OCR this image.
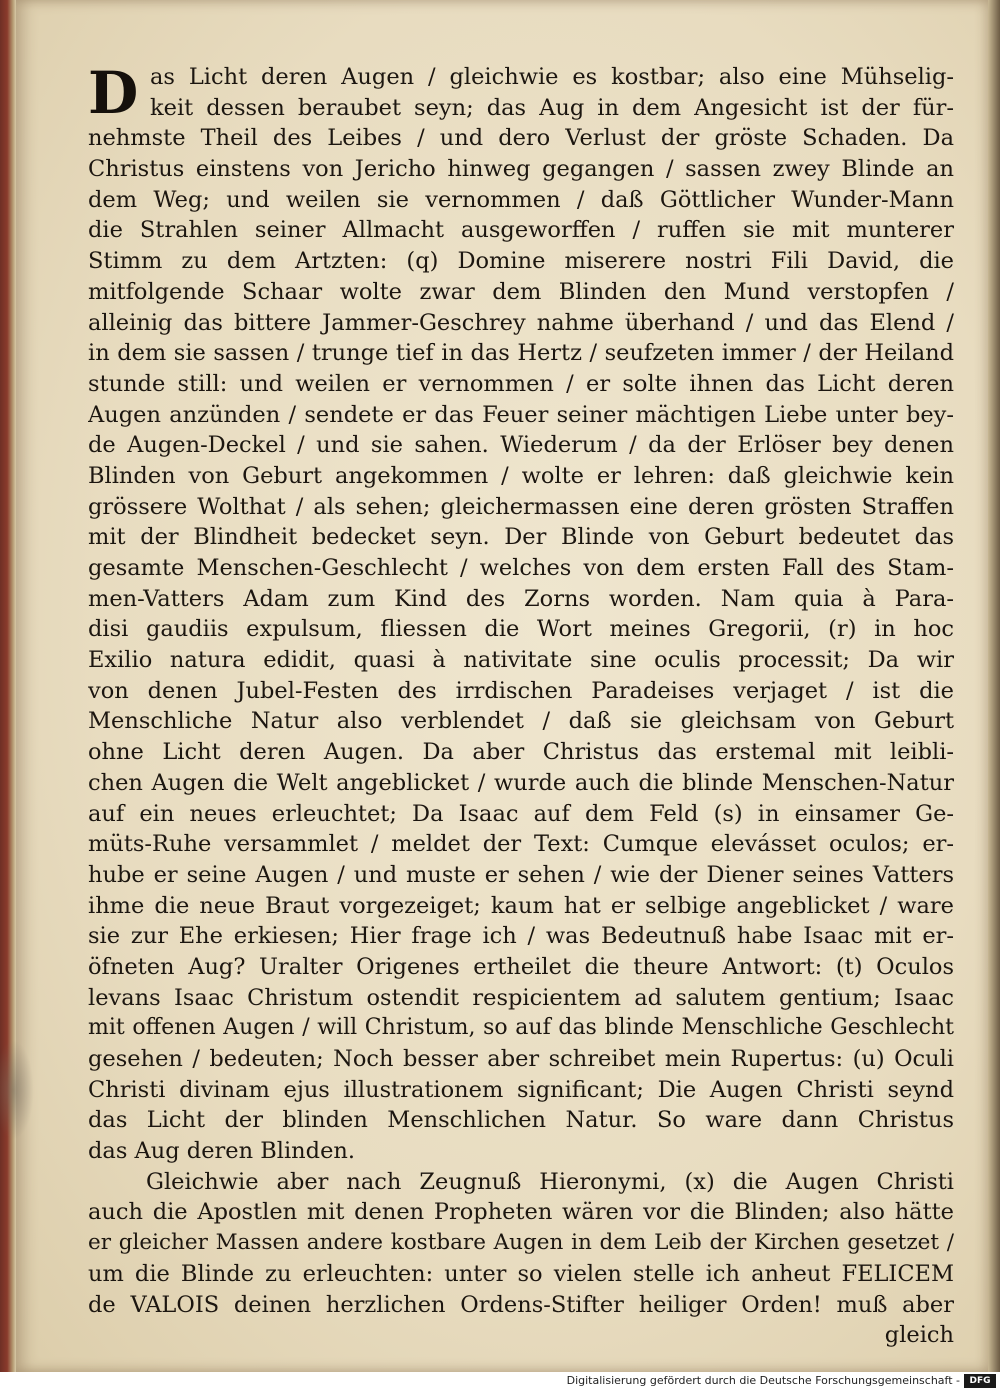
D as Licht deren Augen / gleichwie es kostbar; also eine Mühselig-
keit dessen beraubet seyn; das Aug in dem Angesicht ist der für-
nehmste Theil des Leibes / und dero Verlust der gröste Schaden. Da
Christus einstens von Jericho hinweg gegangen / sassen zwey Blinde an
dem Weg; und weilen sie vernommen / daß Göttlicher Wunder-Mann
die Strahlen seiner Allmacht ausgeworffen / ruffen sie mit munterer
Stimm zu dem Artzten: (q) Domine miserere nostri Fili David, die
mitfolgende Schaar wolte zwar dem Blinden den Mund verstopfen /
alleinig das bittere Jammer-Geschrey nahme überhand / und das Elend /
in dem sie sassen / trunge tief in das Hertz / seufzeten immer / der Heiland
stunde still: und weilen er vernommen / er solte ihnen das Licht deren
Augen anzünden / sendete er das Feuer seiner mächtigen Liebe unter bey-
de Augen-Deckel / und sie sahen. Wiederum / da der Erlöser bey denen
Blinden von Geburt angekommen / wolte er lehren: daß gleichwie kein
grössere Wolthat / als sehen; gleichermassen eine deren grösten Straffen
mit der Blindheit bedecket seyn. Der Blinde von Geburt bedeutet das
gesamte Menschen-Geschlecht / welches von dem ersten Fall des Stam-
men-Vatters Adam zum Kind des Zorns worden. Nam quia à Para-
disi gaudiis expulsum, fliessen die Wort meines Gregorii, (r) in hoc
Exilio natura edidit, quasi à nativitate sine oculis processit; Da wir
von denen Jubel-Festen des irrdischen Paradeises verjaget / ist die
Menschliche Natur also verblendet / daß sie gleichsam von Geburt
ohne Licht deren Augen. Da aber Christus das erstemal mit leibli-
chen Augen die Welt angeblicket / wurde auch die blinde Menschen-Natur
auf ein neues erleuchtet; Da Isaac auf dem Feld (s) in einsamer Ge-
müts-Ruhe versammlet / meldet der Text: Cumque elevásset oculos; er-
hube er seine Augen / und muste er sehen / wie der Diener seines Vatters
ihme die neue Braut vorgezeiget; kaum hat er selbige angeblicket / ware
sie zur Ehe erkiesen; Hier frage ich / was Bedeutnuß habe Isaac mit er-
öfneten Aug? Uralter Origenes ertheilet die theure Antwort: (t) Oculos
levans Isaac Christum ostendit respicientem ad salutem gentium; Isaac
mit offenen Augen / will Christum, so auf das blinde Menschliche Geschlecht
gesehen / bedeuten; Noch besser aber schreibet mein Rupertus: (u) Oculi
Christi divinam ejus illustrationem significant; Die Augen Christi seynd
das Licht der blinden Menschlichen Natur. So ware dann Christus
das Aug deren Blinden.
Gleichwie aber nach Zeugnuß Hieronymi, (x) die Augen Christi
auch die Apostlen mit denen Propheten wären vor die Blinden; also hätte
er gleicher Massen andere kostbare Augen in dem Leib der Kirchen gesetzet /
um die Blinde zu erleuchten: unter so vielen stelle ich anheut FELICEM
de VALOIS deinen herzlichen Ordens-Stifter heiliger Orden! muß aber
gleich
Digitalisierung gefördert durch die Deutsche Forschungsgemeinschaft -	DFG
